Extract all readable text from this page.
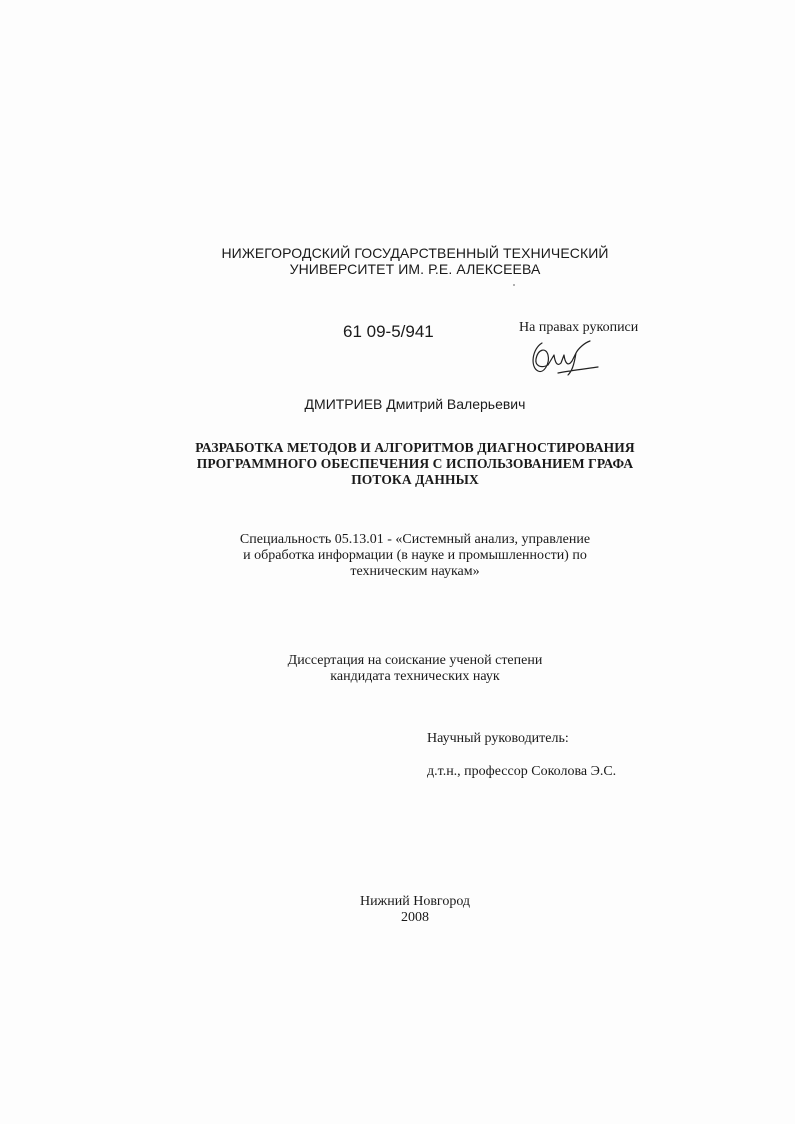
НИЖЕГОРОДСКИЙ ГОСУДАРСТВЕННЫЙ ТЕХНИЧЕСКИЙ
УНИВЕРСИТЕТ ИМ. Р.Е. АЛЕКСЕЕВА
61 09-5/941	На правах рукописи
ДМИТРИЕВ Дмитрий Валерьевич
РАЗРАБОТКА МЕТОДОВ И АЛГОРИТМОВ ДИАГНОСТИРОВАНИЯ
ПРОГРАММНОГО ОБЕСПЕЧЕНИЯ С ИСПОЛЬЗОВАНИЕМ ГРАФА
ПОТОКА ДАННЫХ
Специальность 05.13.01 - «Системный анализ, управление
и обработка информации (в науке и промышленности) по
техническим наукам»
Диссертация на соискание ученой степени
кандидата технических наук
Научный руководитель:
д.т.н., профессор Соколова Э.С.
Нижний Новгород
2008
